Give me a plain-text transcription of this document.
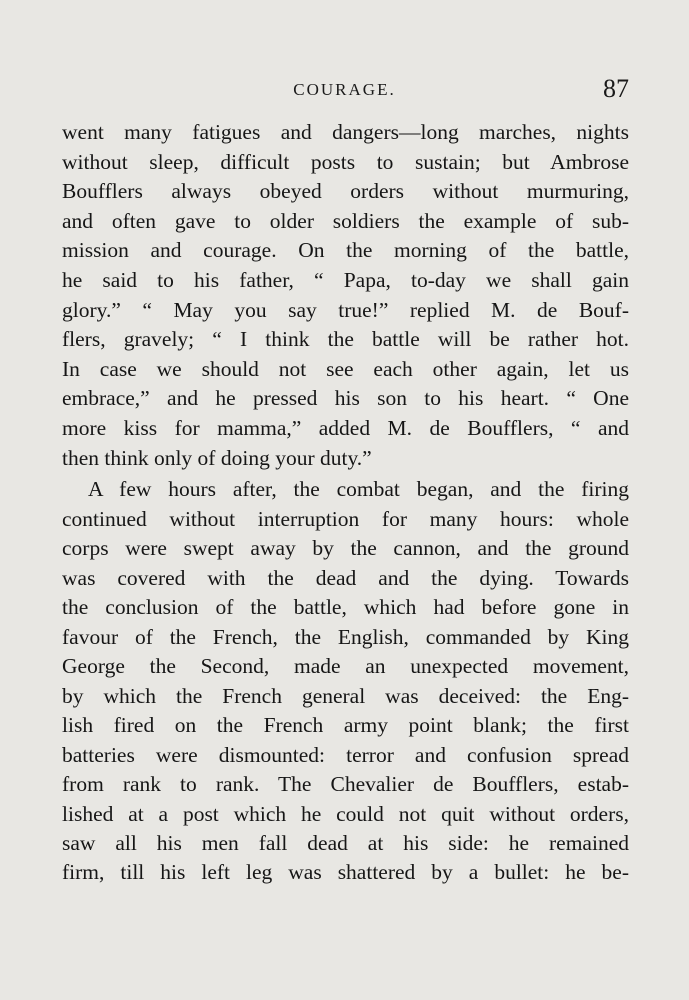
COURAGE.	87
went many fatigues and dangers—long marches, nights
without sleep, difficult posts to sustain; but Ambrose
Boufflers always obeyed orders without murmuring,
and often gave to older soldiers the example of sub-
mission and courage. On the morning of the battle,
he said to his father, “ Papa, to-day we shall gain
glory.” “ May you say true!” replied M. de Bouf-
flers, gravely; “ I think the battle will be rather hot.
In case we should not see each other again, let us
embrace,” and he pressed his son to his heart. “ One
more kiss for mamma,” added M. de Boufflers, “ and
then think only of doing your duty.”
A few hours after, the combat began, and the firing
continued without interruption for many hours: whole
corps were swept away by the cannon, and the ground
was covered with the dead and the dying. Towards
the conclusion of the battle, which had before gone in
favour of the French, the English, commanded by King
George the Second, made an unexpected movement,
by which the French general was deceived: the Eng-
lish fired on the French army point blank; the first
batteries were dismounted: terror and confusion spread
from rank to rank. The Chevalier de Boufflers, estab-
lished at a post which he could not quit without orders,
saw all his men fall dead at his side: he remained
firm, till his left leg was shattered by a bullet: he be-
